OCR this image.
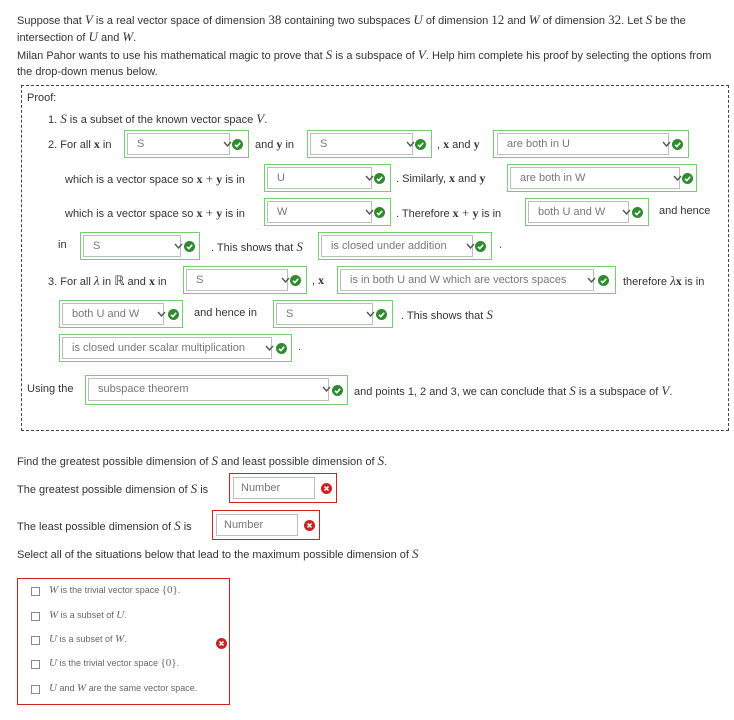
Suppose that V is a real vector space of dimension 38 containing two subspaces U of dimension 12 and W of dimension 32. Let S be the
intersection of U and W.
Milan Pahor wants to use his mathematical magic to prove that S is a subspace of V. Help him complete his proof by selecting the options from
the drop-down menus below.
Proof:
1. S is a subset of the known vector space V.
2. For all x in	S	and y in	S	, x and y	are both in U
which is a vector space so x + y is in	U	. Similarly, x and y	are both in W
which is a vector space so x + y is in	W	. Therefore x + y is in	both U and W	and hence
in	S	. This shows that S	is closed under addition	.
3. For all λ in ℝ and x in	S	, x	is in both U and W which are vectors spaces	therefore λx is in
both U and W	and hence in	S	. This shows that S
is closed under scalar multiplication	.
Using the	subspace theorem	and points 1, 2 and 3, we can conclude that S is a subspace of V.
Find the greatest possible dimension of S and least possible dimension of S.
The greatest possible dimension of S is
Number
The least possible dimension of S is
Number
Select all of the situations below that lead to the maximum possible dimension of S
W is the trivial vector space {0}.
W is a subset of U.
U is a subset of W.
U is the trivial vector space {0}.
U and W are the same vector space.
